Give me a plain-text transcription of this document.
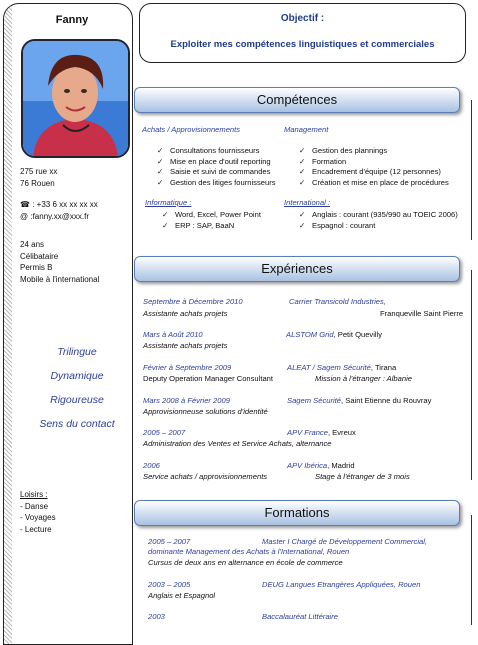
Fanny
275 rue xx
76 Rouen
☎ : +33 6 xx xx xx xx
@ :fanny.xx@xxx.fr
24 ans
Célibataire
Permis B
Mobile à l'international
Trilingue
Dynamique
Rigoureuse
Sens du contact
Loisirs :
- Danse
- Voyages
- Lecture
Objectif :
Exploiter mes compétences linguistiques et commerciales
Compétences
Achats / Approvisionnements	Management
✓ Consultations fournisseurs
✓ Mise en place d'outil reporting
✓ Saisie et suivi de commandes
✓ Gestion des litiges fournisseurs
✓ Gestion des plannings
✓ Formation
✓ Encadrement d'équipe (12 personnes)
✓ Création et mise en place de procédures
Informatique :	International :
✓ Word, Excel, Power Point
✓ ERP : SAP, BaaN
✓ Anglais : courant (935/990 au TOEIC 2006)
✓ Espagnol : courant
Expériences
Septembre à Décembre 2010	Carrier Transicold Industries,
Assistante achats projets	Franqueville Saint Pierre
Mars à Août 2010	ALSTOM Grid, Petit Quevilly
Assistante achats projets
Février à Septembre 2009	ALEAT / Sagem Sécurité, Tirana
Deputy Operation Manager Consultant	Mission à l'étranger : Albanie
Mars 2008 à Février 2009	Sagem Sécurité, Saint Etienne du Rouvray
Approvisionneuse solutions d'identité
2005 – 2007	APV France, Evreux
Administration des Ventes et Service Achats, alternance
2006	APV Ibérica, Madrid
Service achats / approvisionnements	Stage à l'étranger de 3 mois
Formations
2005 – 2007	Master I Chargé de Développement Commercial,
dominante Management des Achats à l'International, Rouen
Cursus de deux ans en alternance en école de commerce
2003 – 2005	DEUG Langues Etrangères Appliquées, Rouen
Anglais et Espagnol
2003	Baccalauréat Littéraire
